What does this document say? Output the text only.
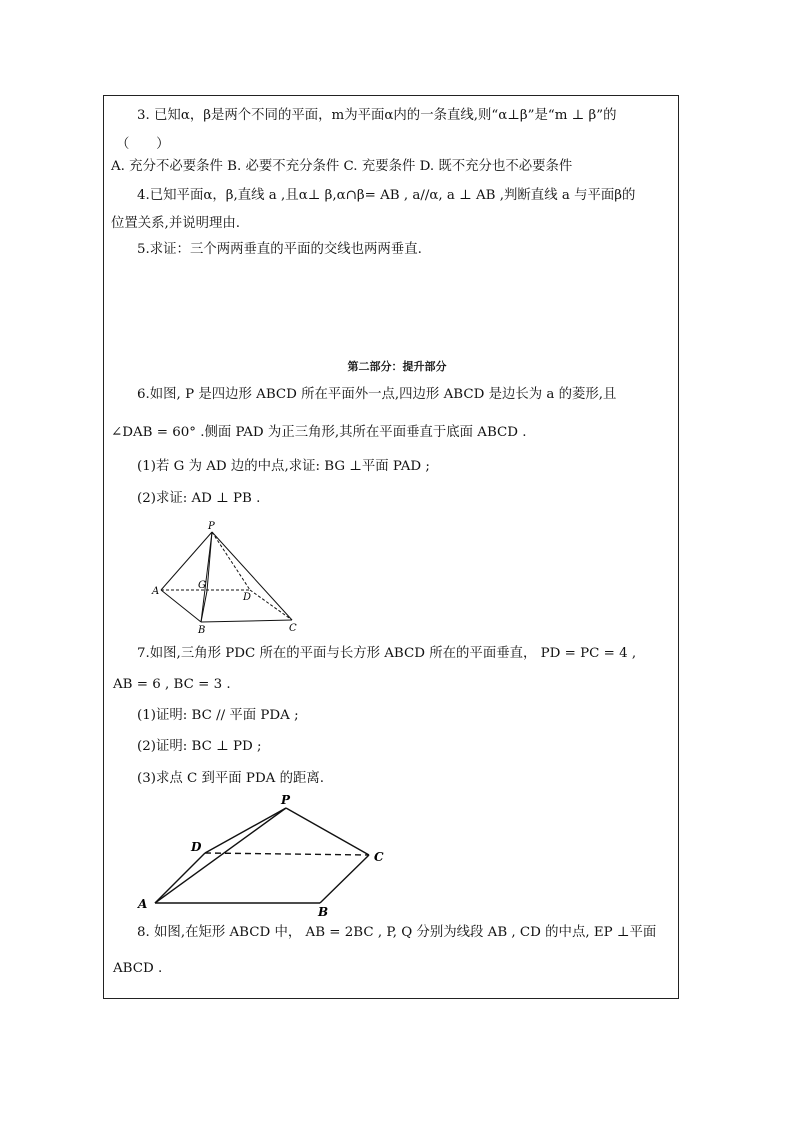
3. 已知α，β是两个不同的平面，m为平面α内的一条直线,则“α⊥β”是“m ⊥ β”的
（　　）
A. 充分不必要条件 B. 必要不充分条件 C. 充要条件 D. 既不充分也不必要条件
4.已知平面α，β,直线 a ,且α⊥ β,α∩β= AB , a//α, a ⊥ AB ,判断直线 a 与平面β的
位置关系,并说明理由.
5.求证：三个两两垂直的平面的交线也两两垂直.
第二部分：提升部分
6.如图, P 是四边形 ABCD 所在平面外一点,四边形 ABCD 是边长为 a 的菱形,且
∠DAB = 60° .侧面 PAD 为正三角形,其所在平面垂直于底面 ABCD .
(1)若 G 为 AD 边的中点,求证: BG ⊥平面 PAD ;
(2)求证: AD ⊥ PB .
P
A
G
D
B	C
P
D
C
A
B
7.如图,三角形 PDC 所在的平面与长方形 ABCD 所在的平面垂直， PD = PC = 4 ,
AB = 6 , BC = 3 .
(1)证明: BC // 平面 PDA ;
(2)证明: BC ⊥ PD ;
(3)求点 C 到平面 PDA 的距离.
8. 如图,在矩形 ABCD 中， AB = 2BC , P, Q 分别为线段 AB , CD 的中点, EP ⊥平面
ABCD .
